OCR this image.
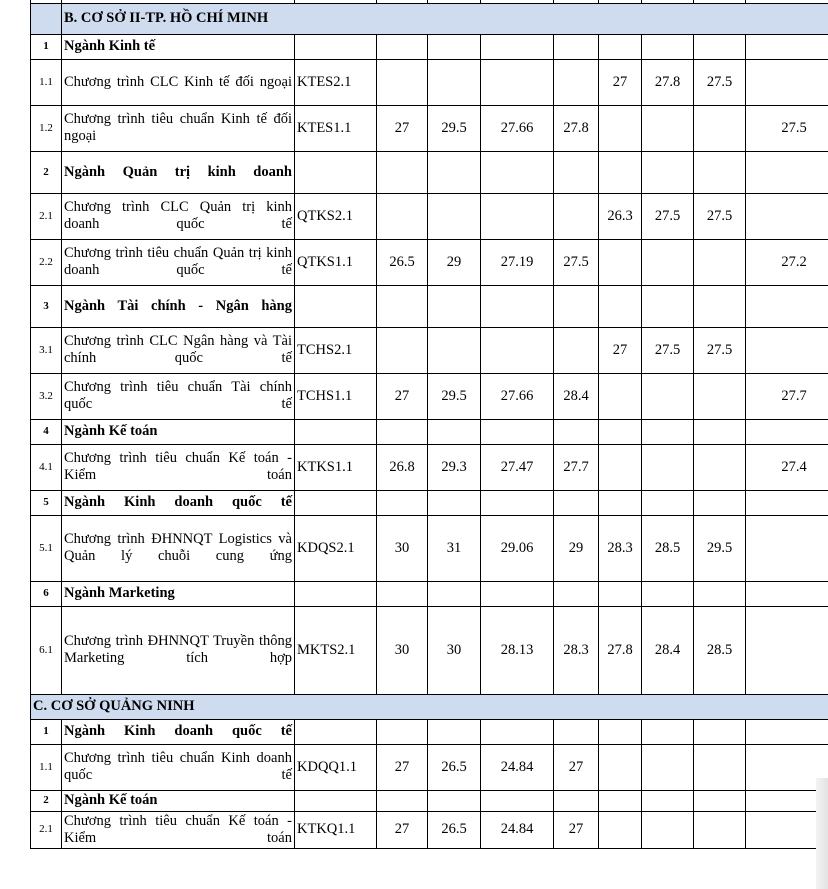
	B. CƠ SỞ II-TP. HỒ CHÍ MINH									
1	Ngành Kinh tế									
1.1	Chương trình CLC Kinh tế đối ngoại	KTES2.1					27	27.8	27.5	
1.2	Chương trình tiêu chuẩn Kinh tế đối ngoại	KTES1.1	27	29.5	27.66	27.8				27.5
2	Ngành Quản trị kinh doanh									
2.1	Chương trình CLC Quản trị kinh doanh quốc tế	QTKS2.1					26.3	27.5	27.5	
2.2	Chương trình tiêu chuẩn Quản trị kinh doanh quốc tế	QTKS1.1	26.5	29	27.19	27.5				27.2
3	Ngành Tài chính - Ngân hàng									
3.1	Chương trình CLC Ngân hàng và Tài chính quốc tế	TCHS2.1					27	27.5	27.5	
3.2	Chương trình tiêu chuẩn Tài chính quốc tế	TCHS1.1	27	29.5	27.66	28.4				27.7
4	Ngành Kế toán									
4.1	Chương trình tiêu chuẩn Kế toán -Kiểm toán	KTKS1.1	26.8	29.3	27.47	27.7				27.4
5	Ngành Kinh doanh quốc tế									
5.1	Chương trình ĐHNNQT Logistics và Quản lý chuỗi cung ứng	KDQS2.1	30	31	29.06	29	28.3	28.5	29.5	
6	Ngành Marketing									
6.1	Chương trình ĐHNNQT Truyền thông Marketing tích hợp	MKTS2.1	30	30	28.13	28.3	27.8	28.4	28.5	
C. CƠ SỞ QUẢNG NINH										
1	Ngành Kinh doanh quốc tế									
1.1	Chương trình tiêu chuẩn Kinh doanh quốc tế	KDQQ1.1	27	26.5	24.84	27				
2	Ngành Kế toán									
2.1	Chương trình tiêu chuẩn Kế toán - Kiểm toán	KTKQ1.1	27	26.5	24.84	27				
